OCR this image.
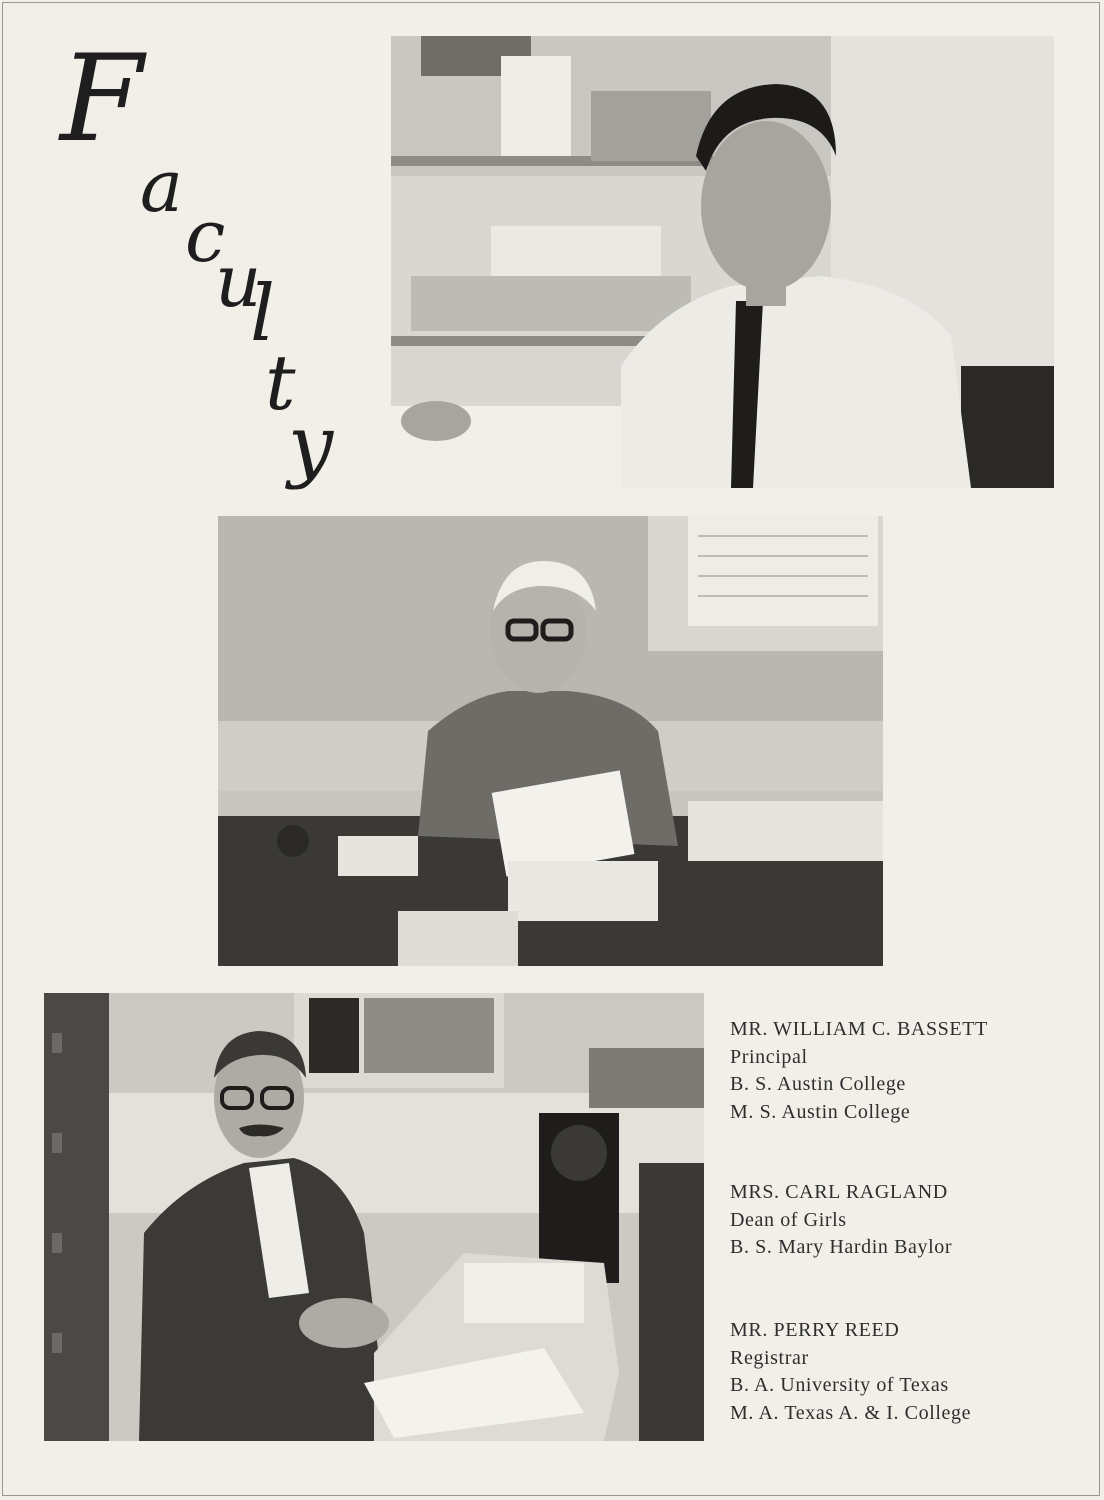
F
a
c
u
l
t
y
MR. WILLIAM C. BASSETT
Principal
B. S. Austin College
M. S. Austin College
MRS. CARL RAGLAND
Dean of Girls
B. S. Mary Hardin Baylor
MR. PERRY REED
Registrar
B. A. University of Texas
M. A. Texas A. & I. College
